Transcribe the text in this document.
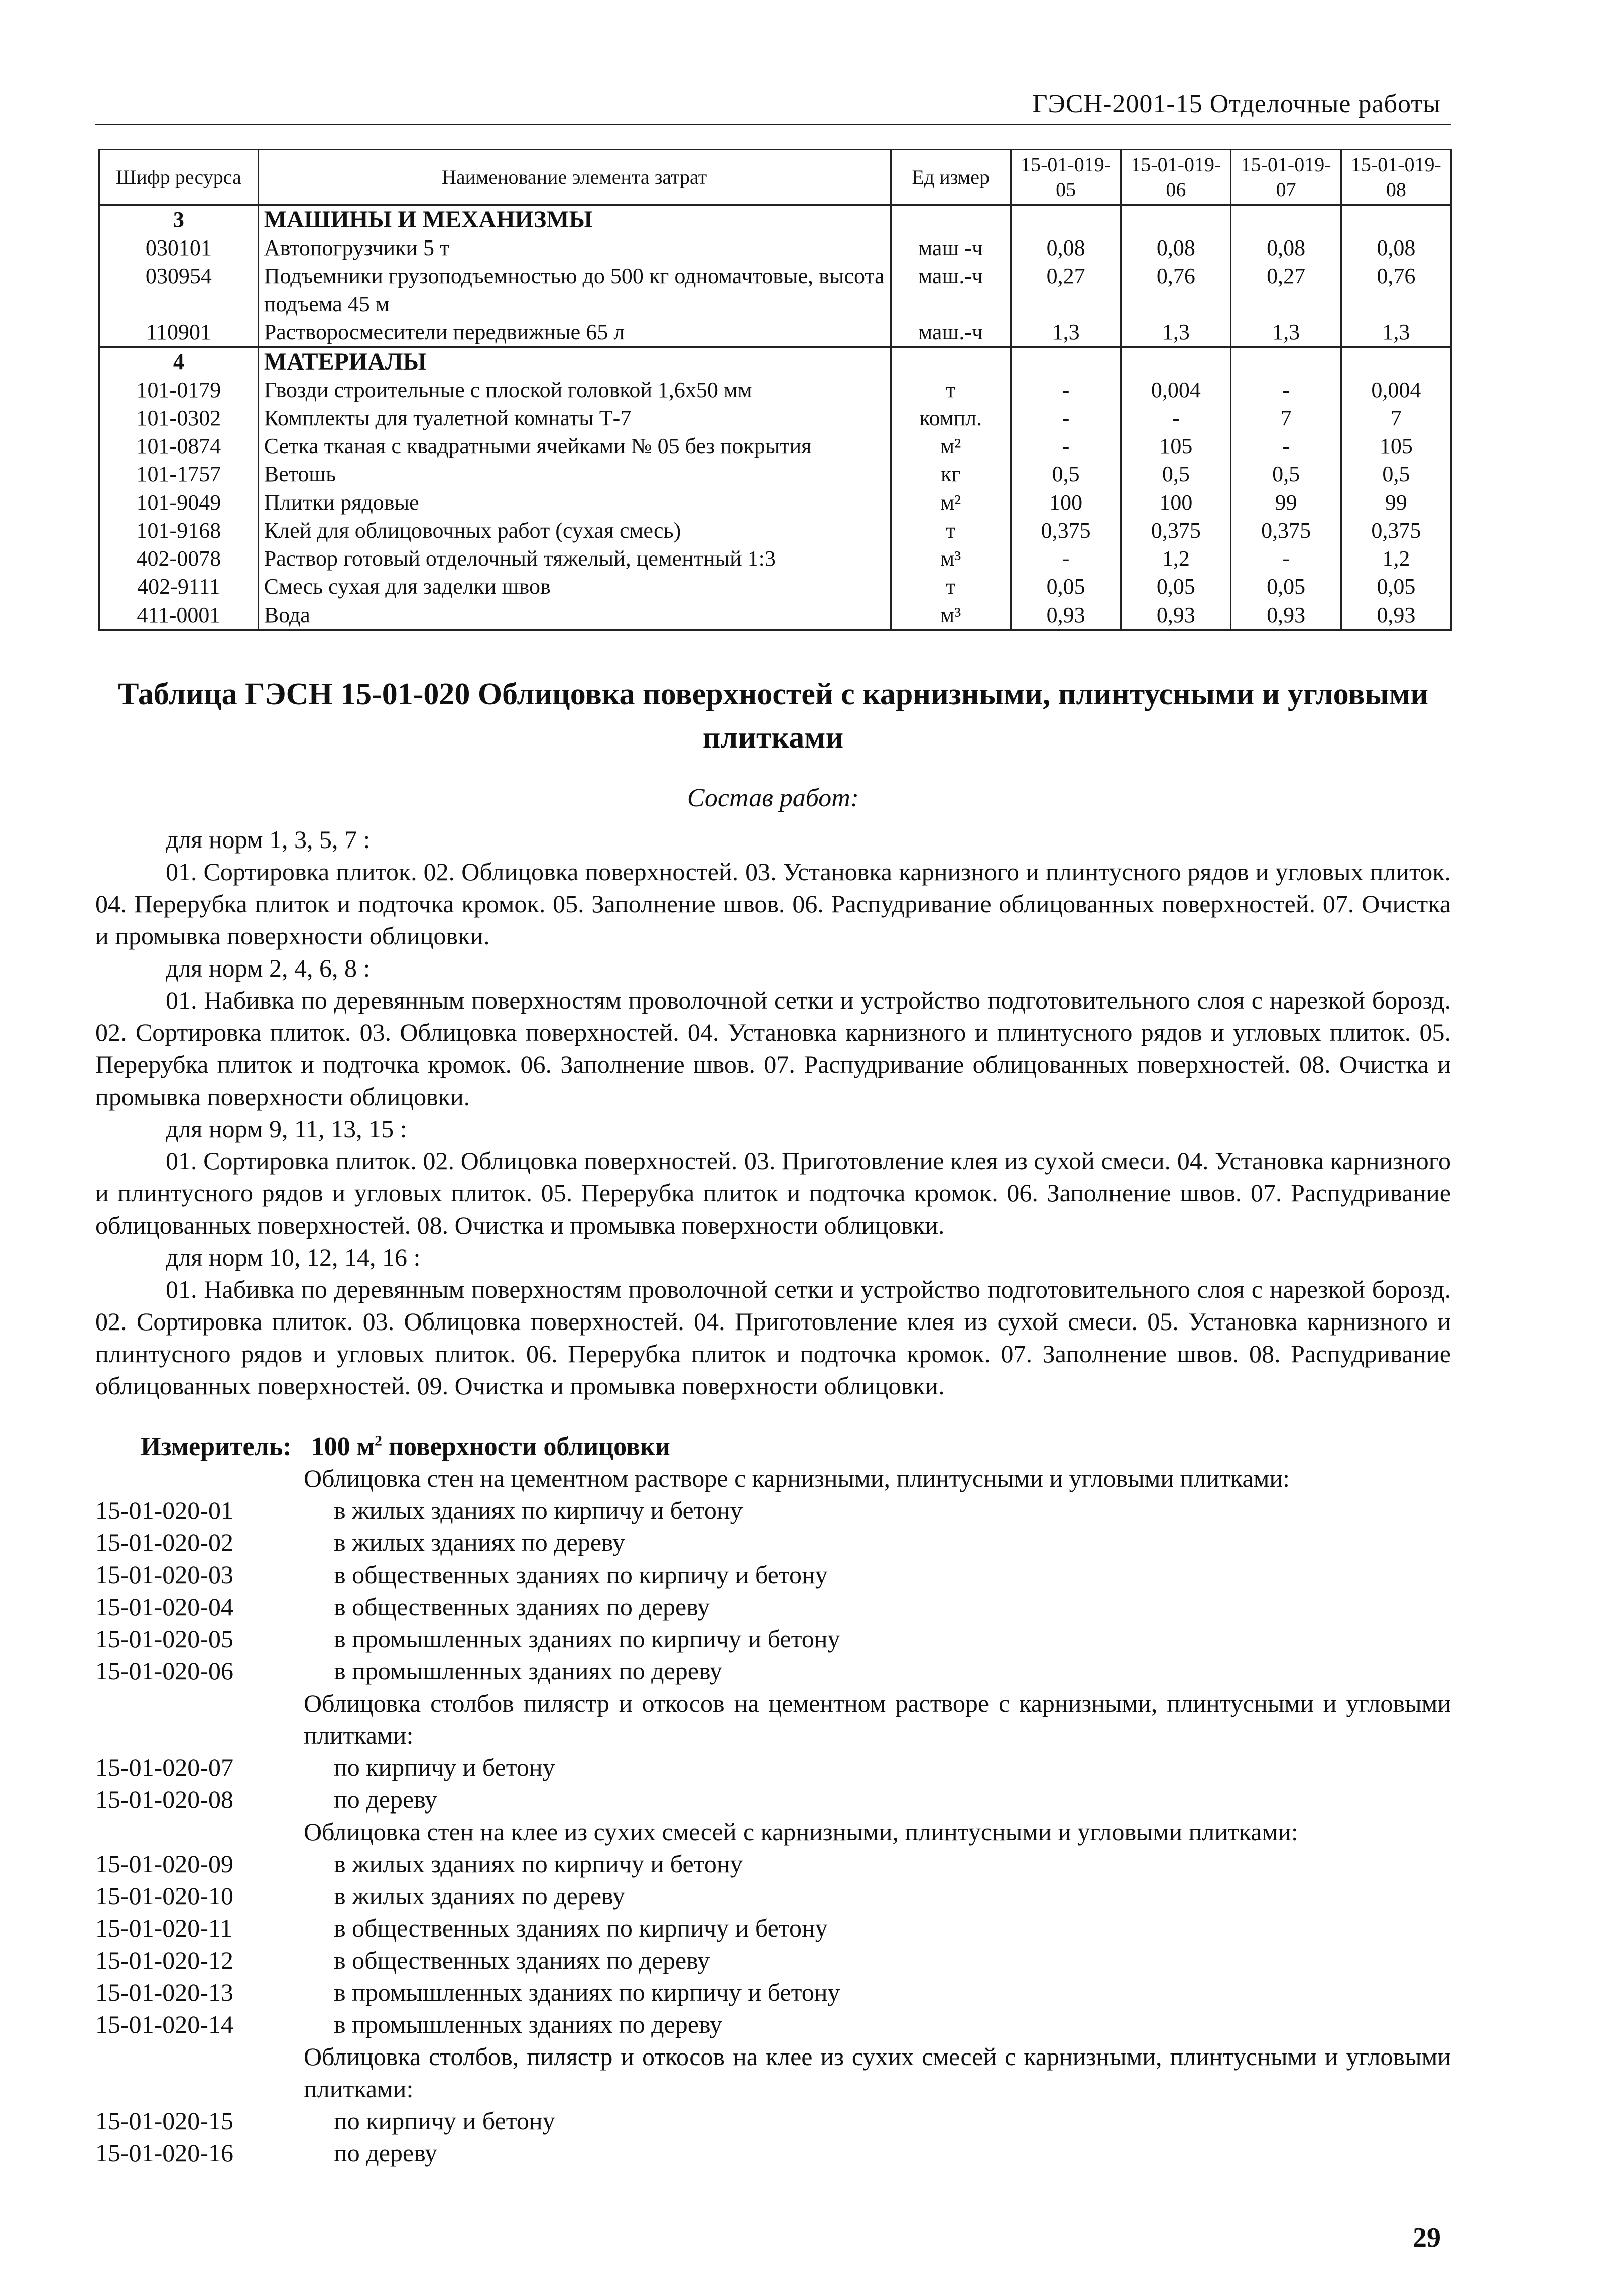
ГЭСН-2001-15 Отделочные работы
Шифр ресурса	Наименование элемента затрат	Ед измер	15-01-019-05	15-01-019-06	15-01-019-07	15-01-019-08
3	МАШИНЫ И МЕХАНИЗМЫ					
030101	Автопогрузчики 5 т	маш -ч	0,08	0,08	0,08	0,08
030954	Подъемники грузоподъемностью до 500 кг одномачтовые, высота подъема 45 м	маш.-ч	0,27	0,76	0,27	0,76
110901	Растворосмесители передвижные 65 л	маш.-ч	1,3	1,3	1,3	1,3
4	МАТЕРИАЛЫ					
101-0179	Гвозди строительные с плоской головкой 1,6х50 мм	т	-	0,004	-	0,004
101-0302	Комплекты для туалетной комнаты Т-7	компл.	-	-	7	7
101-0874	Сетка тканая с квадратными ячейками № 05 без покрытия	м²	-	105	-	105
101-1757	Ветошь	кг	0,5	0,5	0,5	0,5
101-9049	Плитки рядовые	м²	100	100	99	99
101-9168	Клей для облицовочных работ (сухая смесь)	т	0,375	0,375	0,375	0,375
402-0078	Раствор готовый отделочный тяжелый, цементный 1:3	м³	-	1,2	-	1,2
402-9111	Смесь сухая для заделки швов	т	0,05	0,05	0,05	0,05
411-0001	Вода	м³	0,93	0,93	0,93	0,93
Таблица ГЭСН 15-01-020 Облицовка поверхностей с карнизными, плинтусными и угловыми плитками
Состав работ:

для норм 1, 3, 5, 7 :

01. Сортировка плиток. 02. Облицовка поверхностей. 03. Установка карнизного и плинтусного рядов и угловых плиток. 04. Перерубка плиток и подточка кромок. 05. Заполнение швов. 06. Распудривание облицованных поверхностей. 07. Очистка и промывка поверхности облицовки.

для норм 2, 4, 6, 8 :

01. Набивка по деревянным поверхностям проволочной сетки и устройство подготовительного слоя с нарезкой борозд. 02. Сортировка плиток. 03. Облицовка поверхностей. 04. Установка карнизного и плинтусного рядов и угловых плиток. 05. Перерубка плиток и подточка кромок. 06. Заполнение швов. 07. Распудривание облицованных поверхностей. 08. Очистка и промывка поверхности облицовки.

для норм 9, 11, 13, 15 :

01. Сортировка плиток. 02. Облицовка поверхностей. 03. Приготовление клея из сухой смеси. 04. Установка карнизного и плинтусного рядов и угловых плиток. 05. Перерубка плиток и подточка кромок. 06. Заполнение швов. 07. Распудривание облицованных поверхностей. 08. Очистка и промывка поверхности облицовки.

для норм 10, 12, 14, 16 :

01. Набивка по деревянным поверхностям проволочной сетки и устройство подготовительного слоя с нарезкой борозд. 02. Сортировка плиток. 03. Облицовка поверхностей. 04. Приготовление клея из сухой смеси. 05. Установка карнизного и плинтусного рядов и угловых плиток. 06. Перерубка плиток и подточка кромок. 07. Заполнение швов. 08. Распудривание облицованных поверхностей. 09. Очистка и промывка поверхности облицовки.

Измеритель: 100 $м^2$ поверхности облицовки
Облицовка стен на цементном растворе с карнизными, плинтусными и угловыми плитками:
15-01-020-01	в жилых зданиях по кирпичу и бетону
15-01-020-02	в жилых зданиях по дереву
15-01-020-03	в общественных зданиях по кирпичу и бетону
15-01-020-04	в общественных зданиях по дереву
15-01-020-05	в промышленных зданиях по кирпичу и бетону
15-01-020-06	в промышленных зданиях по дереву
Облицовка столбов пилястр и откосов на цементном растворе с карнизными, плинтусными и угловыми плитками:
15-01-020-07	по кирпичу и бетону
15-01-020-08	по дереву
Облицовка стен на клее из сухих смесей с карнизными, плинтусными и угловыми плитками:
15-01-020-09	в жилых зданиях по кирпичу и бетону
15-01-020-10	в жилых зданиях по дереву
15-01-020-11	в общественных зданиях по кирпичу и бетону
15-01-020-12	в общественных зданиях по дереву
15-01-020-13	в промышленных зданиях по кирпичу и бетону
15-01-020-14	в промышленных зданиях по дереву
Облицовка столбов, пилястр и откосов на клее из сухих смесей с карнизными, плинтусными и угловыми плитками:
15-01-020-15	по кирпичу и бетону
15-01-020-16	по дереву
29
